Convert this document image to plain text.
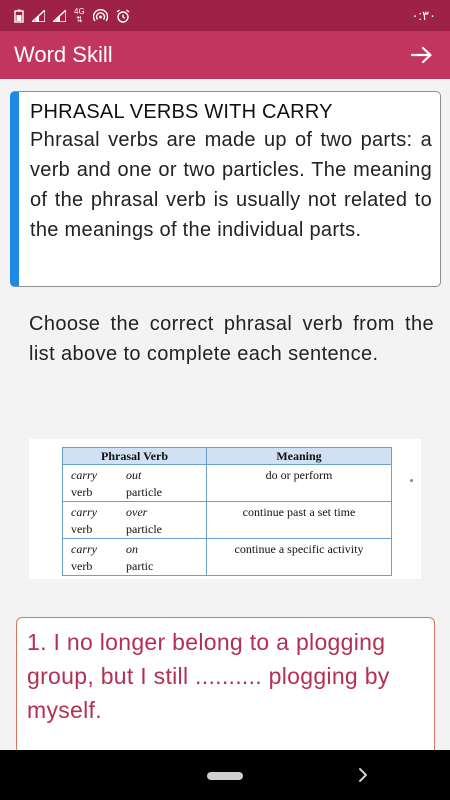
4G
⇅	٠:٣٠
Word Skill
PHRASAL VERBS WITH CARRY
Phrasal verbs are made up of two parts: a verb and one or two particles. The meaning of the phrasal verb is usually not related to the meanings of the individual parts.
Choose the correct phrasal verb from the list above to complete each sentence.
Phrasal Verb	Meaning

carry out
verb particle	do or perform

carry over
verb particle	continue past a set time

carry on
verb partic	continue a specific activity
1. I no longer belong to a plogging group, but I still .......... plogging by myself.
